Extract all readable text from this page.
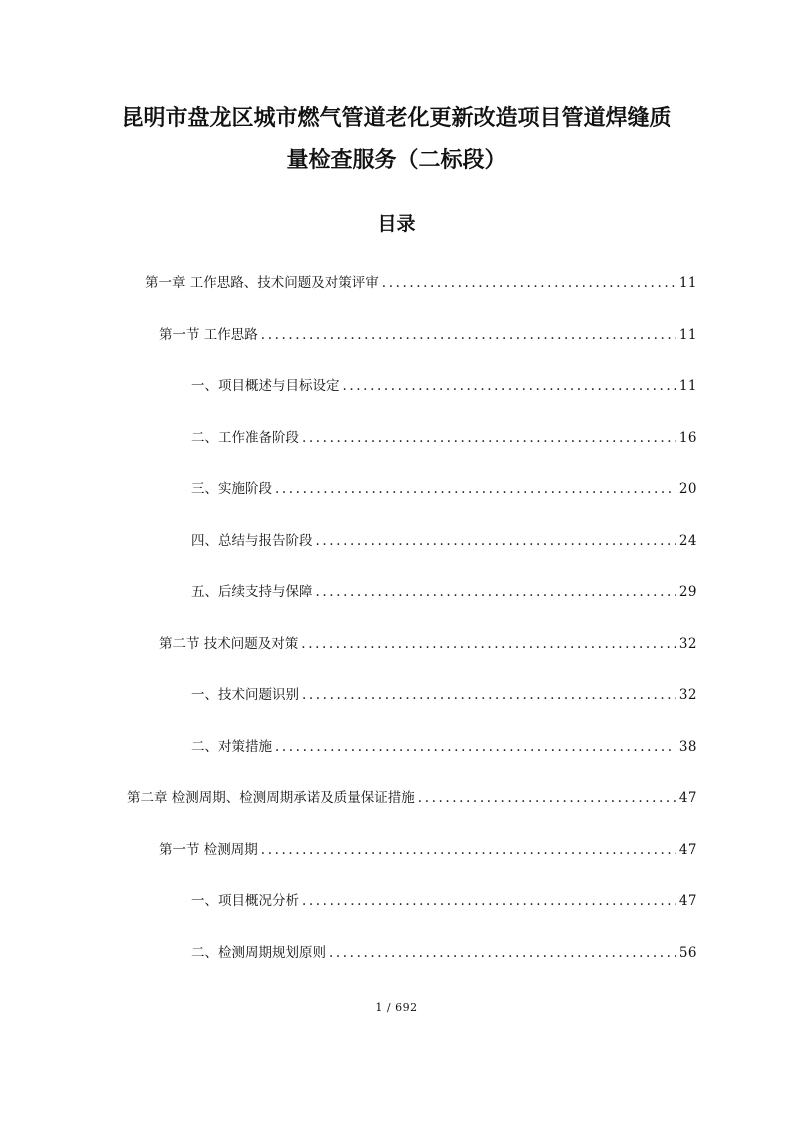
昆明市盘龙区城市燃气管道老化更新改造项目管道焊缝质
量检查服务（二标段）
目录
第一章 工作思路、技术问题及对策评审 .....	11
第一节 工作思路 .....	11
一、项目概述与目标设定 .....	11
二、工作准备阶段 .....	16
三、实施阶段 .....	20
四、总结与报告阶段 .....	24
五、后续支持与保障 .....	29
第二节 技术问题及对策 .....	32
一、技术问题识别 .....	32
二、对策措施 .....	38
第二章 检测周期、检测周期承诺及质量保证措施 .....	47
第一节 检测周期 .....	47
一、项目概况分析 .....	47
二、检测周期规划原则 .....	56
1 / 692
